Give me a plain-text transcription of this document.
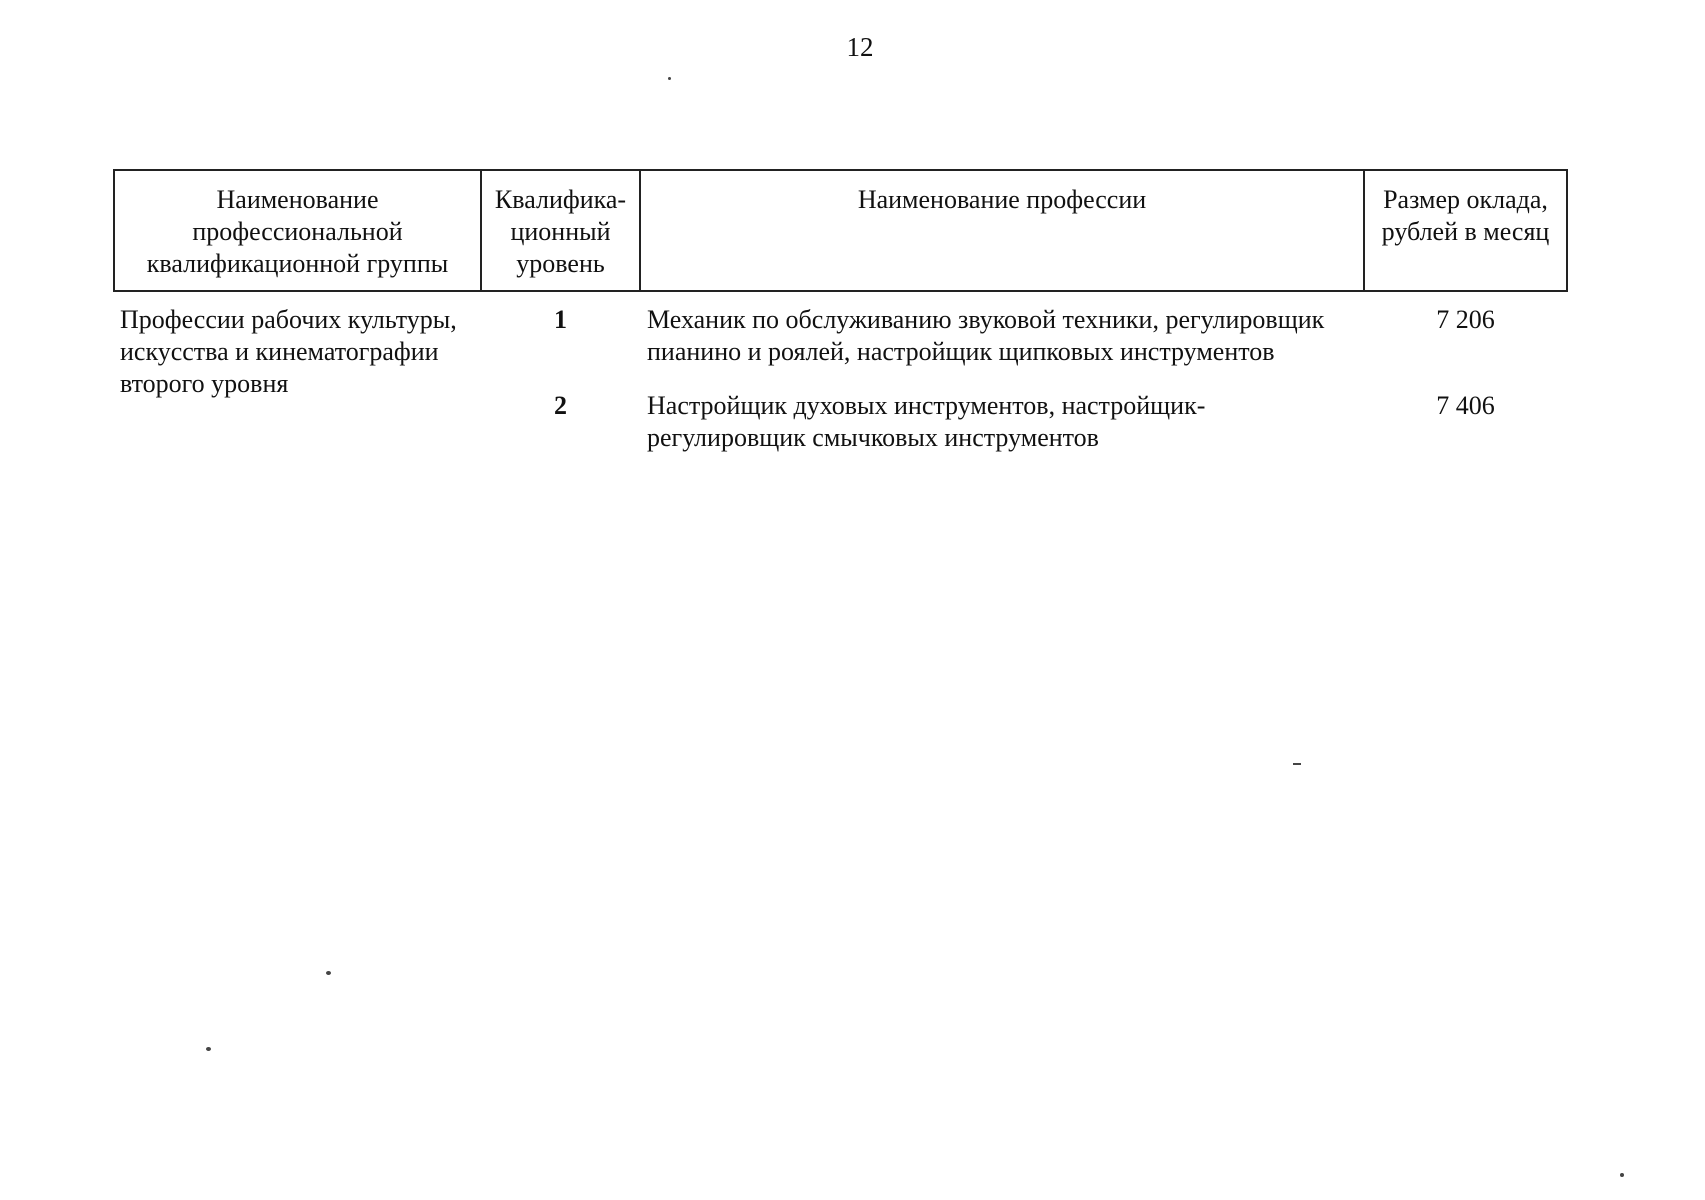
12
Наименование профессиональной квалификационной группы	Квалифика-ционный уровень	Наименование профессии	Размер оклада, рублей в месяц
Профессии рабочих культуры, искусства и кинематографии второго уровня	1	Механик по обслуживанию звуковой техники, регулировщик пианино и роялей, настройщик щипковых инструментов	7 206
	2	Настройщик духовых инструментов, настройщик-регулировщик смычковых инструментов	7 406
